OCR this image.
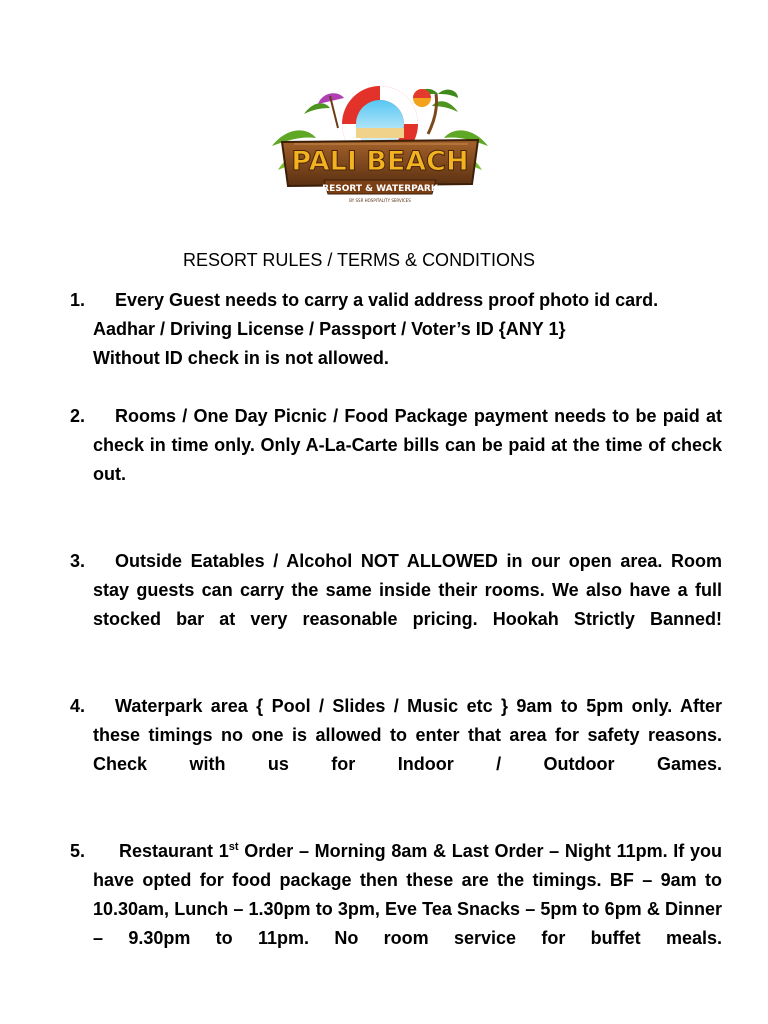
PALI BEACH
RESORT & WATERPARK
BY SSR HOSPITALITY SERVICES
RESORT RULES / TERMS & CONDITIONS
1.	Every Guest needs to carry a valid address proof photo id card.
Aadhar / Driving License / Passport / Voter’s ID {ANY 1}
Without ID check in is not allowed.
2.	Rooms / One Day Picnic / Food Package payment needs to be paid at check in time only. Only A-La-Carte bills can be paid at the time of check out.
3.	Outside Eatables / Alcohol NOT ALLOWED in our open area. Room stay guests can carry the same inside their rooms. We also have a full stocked bar at very reasonable pricing. Hookah Strictly Banned!
4.	Waterpark area { Pool / Slides / Music etc } 9am to 5pm only. After these timings no one is allowed to enter that area for safety reasons. Check with us for Indoor / Outdoor Games.
5.	Restaurant 1st Order – Morning 8am & Last Order – Night 11pm. If you have opted for food package then these are the timings. BF – 9am to 10.30am, Lunch – 1.30pm to 3pm, Eve Tea Snacks – 5pm to 6pm & Dinner – 9.30pm to 11pm. No room service for buffet meals.
